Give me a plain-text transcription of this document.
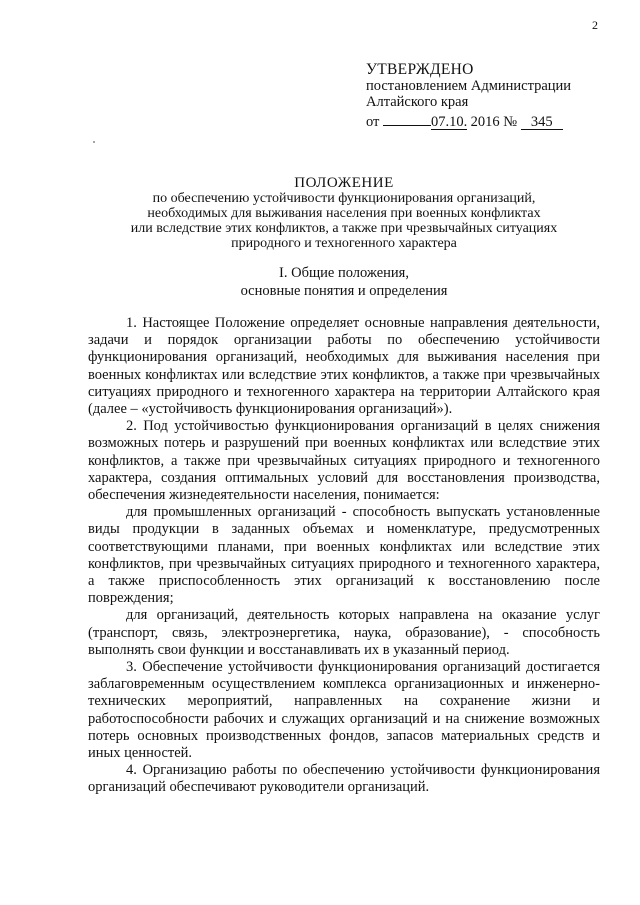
2
УТВЕРЖДЕНО
постановлением Администрации
Алтайского края
от	07.10. 2016 № 345
ПОЛОЖЕНИЕ
по обеспечению устойчивости функционирования организаций,
необходимых для выживания населения при военных конфликтах
или вследствие этих конфликтов, а также при чрезвычайных ситуациях
природного и техногенного характера
I. Общие положения,
основные понятия и определения

1. Настоящее Положение определяет основные направления деятельности, задачи и порядок организации работы по обеспечению устойчивости функционирования организаций, необходимых для выживания населения при военных конфликтах или вследствие этих конфликтов, а также при чрезвычайных ситуациях природного и техногенного характера на территории Алтайского края (далее – «устойчивость функционирования организаций»).

2. Под устойчивостью функционирования организаций в целях снижения возможных потерь и разрушений при военных конфликтах или вследствие этих конфликтов, а также при чрезвычайных ситуациях природного и техногенного характера, создания оптимальных условий для восстановления производства, обеспечения жизнедеятельности населения, понимается:

для промышленных организаций - способность выпускать установленные виды продукции в заданных объемах и номенклатуре, предусмотренных соответствующими планами, при военных конфликтах или вследствие этих конфликтов, при чрезвычайных ситуациях природного и техногенного характера, а также приспособленность этих организаций к восстановлению после повреждения;

для организаций, деятельность которых направлена на оказание услуг (транспорт, связь, электроэнергетика, наука, образование), - способность выполнять свои функции и восстанавливать их в указанный период.

3. Обеспечение устойчивости функционирования организаций достигается заблаговременным осуществлением комплекса организационных и инженерно-технических мероприятий, направленных на сохранение жизни и работоспособности рабочих и служащих организаций и на снижение возможных потерь основных производственных фондов, запасов материальных средств и иных ценностей.

4. Организацию работы по обеспечению устойчивости функционирования организаций обеспечивают руководители организаций.
